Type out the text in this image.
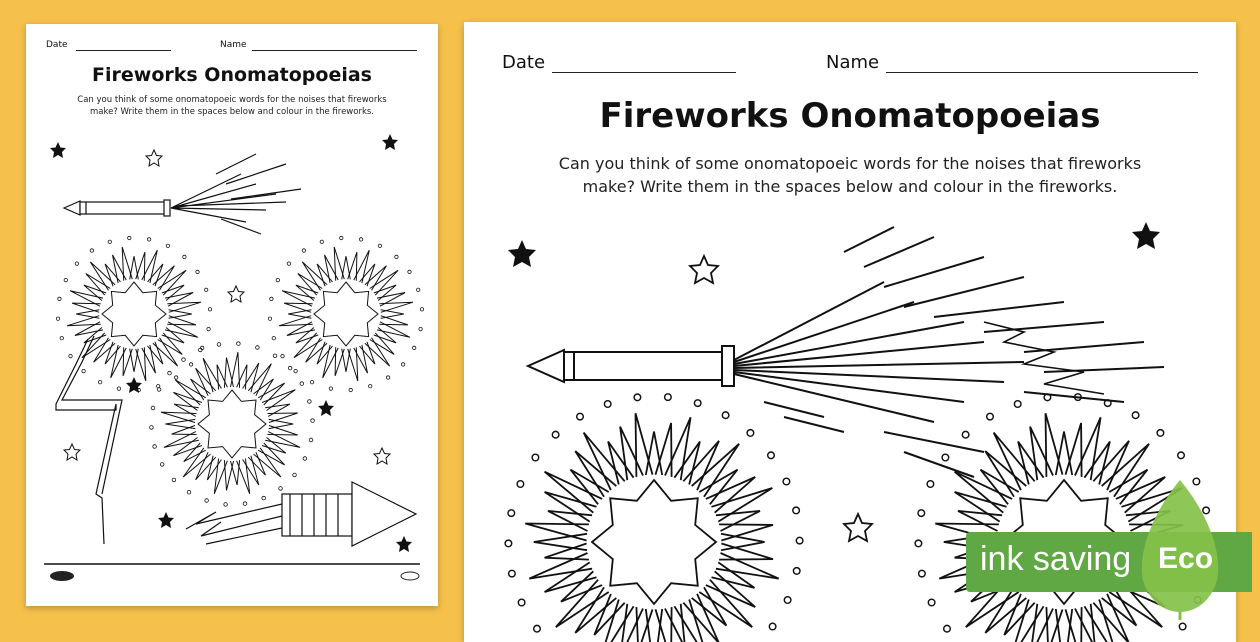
Date	Name
Fireworks Onomatopoeias
Can you think of some onomatopoeic words for the noises that fireworks
make? Write them in the spaces below and colour in the fireworks.
Date	Name
Fireworks Onomatopoeias
Can you think of some onomatopoeic words for the noises that fireworks
make? Write them in the spaces below and colour in the fireworks.
ink saving Eco
